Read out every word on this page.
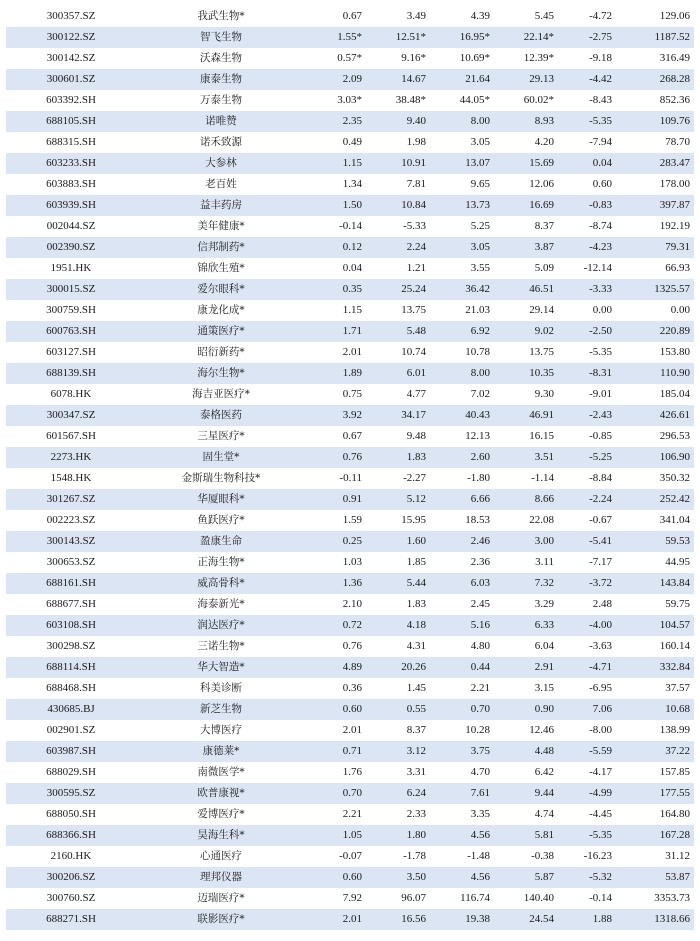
300357.SZ	我武生物*	0.67	3.49	4.39	5.45	-4.72	129.06
300122.SZ	智飞生物	1.55*	12.51*	16.95*	22.14*	-2.75	1187.52
300142.SZ	沃森生物	0.57*	9.16*	10.69*	12.39*	-9.18	316.49
300601.SZ	康泰生物	2.09	14.67	21.64	29.13	-4.42	268.28
603392.SH	万泰生物	3.03*	38.48*	44.05*	60.02*	-8.43	852.36
688105.SH	诺唯赞	2.35	9.40	8.00	8.93	-5.35	109.76
688315.SH	诺禾致源	0.49	1.98	3.05	4.20	-7.94	78.70
603233.SH	大参林	1.15	10.91	13.07	15.69	0.04	283.47
603883.SH	老百姓	1.34	7.81	9.65	12.06	0.60	178.00
603939.SH	益丰药房	1.50	10.84	13.73	16.69	-0.83	397.87
002044.SZ	美年健康*	-0.14	-5.33	5.25	8.37	-8.74	192.19
002390.SZ	信邦制药*	0.12	2.24	3.05	3.87	-4.23	79.31
1951.HK	锦欣生殖*	0.04	1.21	3.55	5.09	-12.14	66.93
300015.SZ	爱尔眼科*	0.35	25.24	36.42	46.51	-3.33	1325.57
300759.SH	康龙化成*	1.15	13.75	21.03	29.14	0.00	0.00
600763.SH	通策医疗*	1.71	5.48	6.92	9.02	-2.50	220.89
603127.SH	昭衍新药*	2.01	10.74	10.78	13.75	-5.35	153.80
688139.SH	海尔生物*	1.89	6.01	8.00	10.35	-8.31	110.90
6078.HK	海吉亚医疗*	0.75	4.77	7.02	9.30	-9.01	185.04
300347.SZ	泰格医药	3.92	34.17	40.43	46.91	-2.43	426.61
601567.SH	三星医疗*	0.67	9.48	12.13	16.15	-0.85	296.53
2273.HK	固生堂*	0.76	1.83	2.60	3.51	-5.25	106.90
1548.HK	金斯瑞生物科技*	-0.11	-2.27	-1.80	-1.14	-8.84	350.32
301267.SZ	华厦眼科*	0.91	5.12	6.66	8.66	-2.24	252.42
002223.SZ	鱼跃医疗*	1.59	15.95	18.53	22.08	-0.67	341.04
300143.SZ	盈康生命	0.25	1.60	2.46	3.00	-5.41	59.53
300653.SZ	正海生物*	1.03	1.85	2.36	3.11	-7.17	44.95
688161.SH	威高骨科*	1.36	5.44	6.03	7.32	-3.72	143.84
688677.SH	海泰新光*	2.10	1.83	2.45	3.29	2.48	59.75
603108.SH	润达医疗*	0.72	4.18	5.16	6.33	-4.00	104.57
300298.SZ	三诺生物*	0.76	4.31	4.80	6.04	-3.63	160.14
688114.SH	华大智造*	4.89	20.26	0.44	2.91	-4.71	332.84
688468.SH	科美诊断	0.36	1.45	2.21	3.15	-6.95	37.57
430685.BJ	新芝生物	0.60	0.55	0.70	0.90	7.06	10.68
002901.SZ	大博医疗	2.01	8.37	10.28	12.46	-8.00	138.99
603987.SH	康德莱*	0.71	3.12	3.75	4.48	-5.59	37.22
688029.SH	南微医学*	1.76	3.31	4.70	6.42	-4.17	157.85
300595.SZ	欧普康视*	0.70	6.24	7.61	9.44	-4.99	177.55
688050.SH	爱博医疗*	2.21	2.33	3.35	4.74	-4.45	164.80
688366.SH	昊海生科*	1.05	1.80	4.56	5.81	-5.35	167.28
2160.HK	心通医疗	-0.07	-1.78	-1.48	-0.38	-16.23	31.12
300206.SZ	理邦仪器	0.60	3.50	4.56	5.87	-5.32	53.87
300760.SZ	迈瑞医疗*	7.92	96.07	116.74	140.40	-0.14	3353.73
688271.SH	联影医疗*	2.01	16.56	19.38	24.54	1.88	1318.66
